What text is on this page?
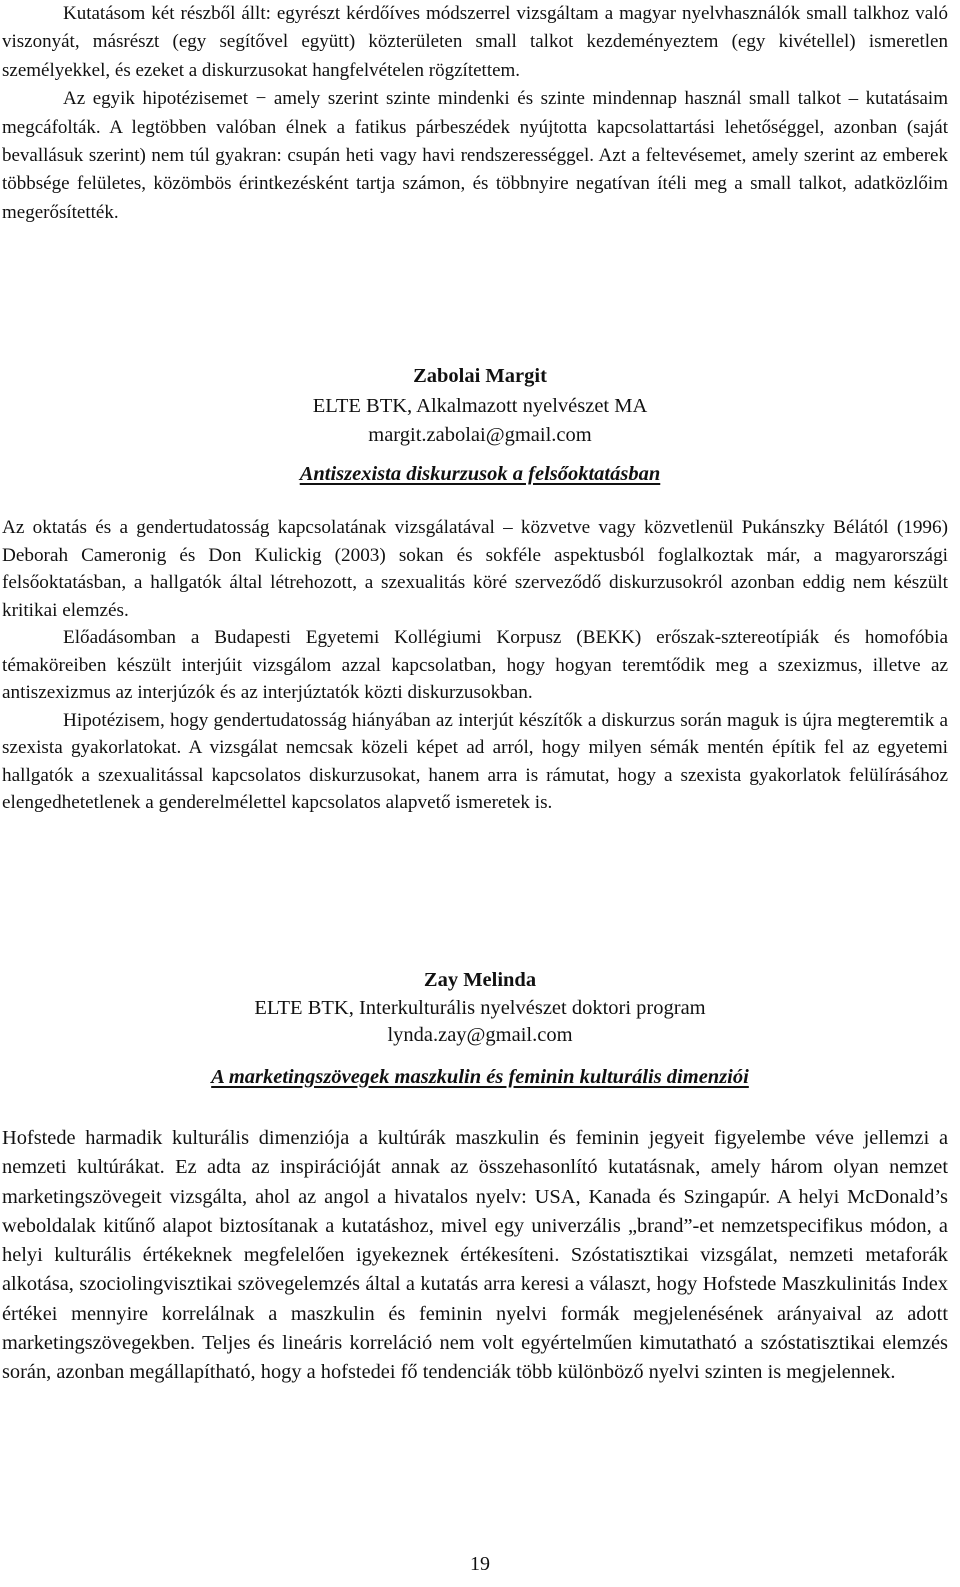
Kutatásom két részből állt: egyrészt kérdőíves módszerrel vizsgáltam a magyar nyelvhasználók small talkhoz való viszonyát, másrészt (egy segítővel együtt) közterületen small talkot kezdeményeztem (egy kivétellel) ismeretlen személyekkel, és ezeket a diskurzusokat hangfelvételen rögzítettem.

Az egyik hipotézisemet − amely szerint szinte mindenki és szinte mindennap használ small talkot – kutatásaim megcáfolták. A legtöbben valóban élnek a fatikus párbeszédek nyújtotta kapcsolattartási lehetőséggel, azonban (saját bevallásuk szerint) nem túl gyakran: csupán heti vagy havi rendszerességgel. Azt a feltevésemet, amely szerint az emberek többsége felületes, közömbös érintkezésként tartja számon, és többnyire negatívan ítéli meg a small talkot, adatközlőim megerősítették.

Zabolai Margit
ELTE BTK, Alkalmazott nyelvészet MA
margit.zabolai@gmail.com
Antiszexista diskurzusok a felsőoktatásban

Az oktatás és a gendertudatosság kapcsolatának vizsgálatával – közvetve vagy közvetlenül Pukánszky Bélától (1996) Deborah Cameronig és Don Kulickig (2003) sokan és sokféle aspektusból foglalkoztak már, a magyarországi felsőoktatásban, a hallgatók által létrehozott, a szexualitás köré szerveződő diskurzusokról azonban eddig nem készült kritikai elemzés.

Előadásomban a Budapesti Egyetemi Kollégiumi Korpusz (BEKK) erőszak-sztereotípiák és homofóbia témaköreiben készült interjúit vizsgálom azzal kapcsolatban, hogy hogyan teremtődik meg a szexizmus, illetve az antiszexizmus az interjúzók és az interjúztatók közti diskurzusokban.

Hipotézisem, hogy gendertudatosság hiányában az interjút készítők a diskurzus során maguk is újra megteremtik a szexista gyakorlatokat. A vizsgálat nemcsak közeli képet ad arról, hogy milyen sémák mentén építik fel az egyetemi hallgatók a szexualitással kapcsolatos diskurzusokat, hanem arra is rámutat, hogy a szexista gyakorlatok felülírásához elengedhetetlenek a genderelmélettel kapcsolatos alapvető ismeretek is.

Zay Melinda
ELTE BTK, Interkulturális nyelvészet doktori program
lynda.zay@gmail.com
A marketingszövegek maszkulin és feminin kulturális dimenziói

Hofstede harmadik kulturális dimenziója a kultúrák maszkulin és feminin jegyeit figyelembe véve jellemzi a nemzeti kultúrákat. Ez adta az inspirációját annak az összehasonlító kutatásnak, amely három olyan nemzet marketingszövegeit vizsgálta, ahol az angol a hivatalos nyelv: USA, Kanada és Szingapúr. A helyi McDonald’s weboldalak kitűnő alapot biztosítanak a kutatáshoz, mivel egy univerzális „brand”-et nemzetspecifikus módon, a helyi kulturális értékeknek megfelelően igyekeznek értékesíteni. Szóstatisztikai vizsgálat, nemzeti metaforák alkotása, szociolingvisztikai szövegelemzés által a kutatás arra keresi a választ, hogy Hofstede Maszkulinitás Index értékei mennyire korrelálnak a maszkulin és feminin nyelvi formák megjelenésének arányaival az adott marketingszövegekben. Teljes és lineáris korreláció nem volt egyértelműen kimutatható a szóstatisztikai elemzés során, azonban megállapítható, hogy a hofstedei fő tendenciák több különböző nyelvi szinten is megjelennek.

19
